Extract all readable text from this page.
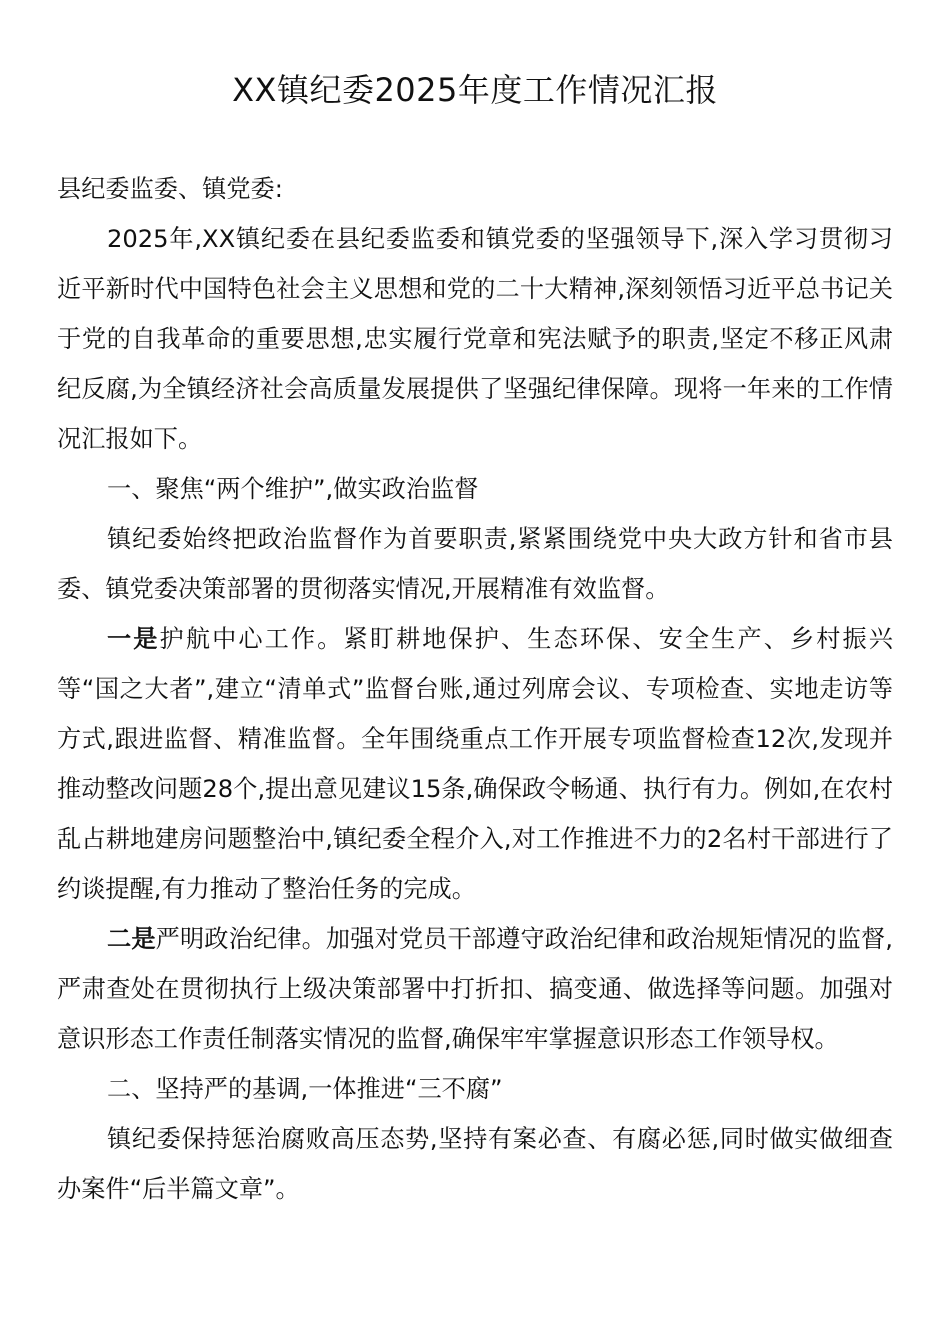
XX镇纪委2025年度工作情况汇报

县纪委监委、镇党委:

2025年,XX镇纪委在县纪委监委和镇党委的坚强领导下,深入学习贯彻习近平新时代中国特色社会主义思想和党的二十大精神,深刻领悟习近平总书记关于党的自我革命的重要思想,忠实履行党章和宪法赋予的职责,坚定不移正风肃纪反腐,为全镇经济社会高质量发展提供了坚强纪律保障。现将一年来的工作情况汇报如下。

一、聚焦“两个维护”,做实政治监督

镇纪委始终把政治监督作为首要职责,紧紧围绕党中央大政方针和省市县委、镇党委决策部署的贯彻落实情况,开展精准有效监督。

一是护航中心工作。紧盯耕地保护、生态环保、安全生产、乡村振兴等“国之大者”,建立“清单式”监督台账,通过列席会议、专项检查、实地走访等方式,跟进监督、精准监督。全年围绕重点工作开展专项监督检查12次,发现并推动整改问题28个,提出意见建议15条,确保政令畅通、执行有力。例如,在农村乱占耕地建房问题整治中,镇纪委全程介入,对工作推进不力的2名村干部进行了约谈提醒,有力推动了整治任务的完成。

二是严明政治纪律。加强对党员干部遵守政治纪律和政治规矩情况的监督,严肃查处在贯彻执行上级决策部署中打折扣、搞变通、做选择等问题。加强对意识形态工作责任制落实情况的监督,确保牢牢掌握意识形态工作领导权。

二、坚持严的基调,一体推进“三不腐”

镇纪委保持惩治腐败高压态势,坚持有案必查、有腐必惩,同时做实做细查办案件“后半篇文章”。
